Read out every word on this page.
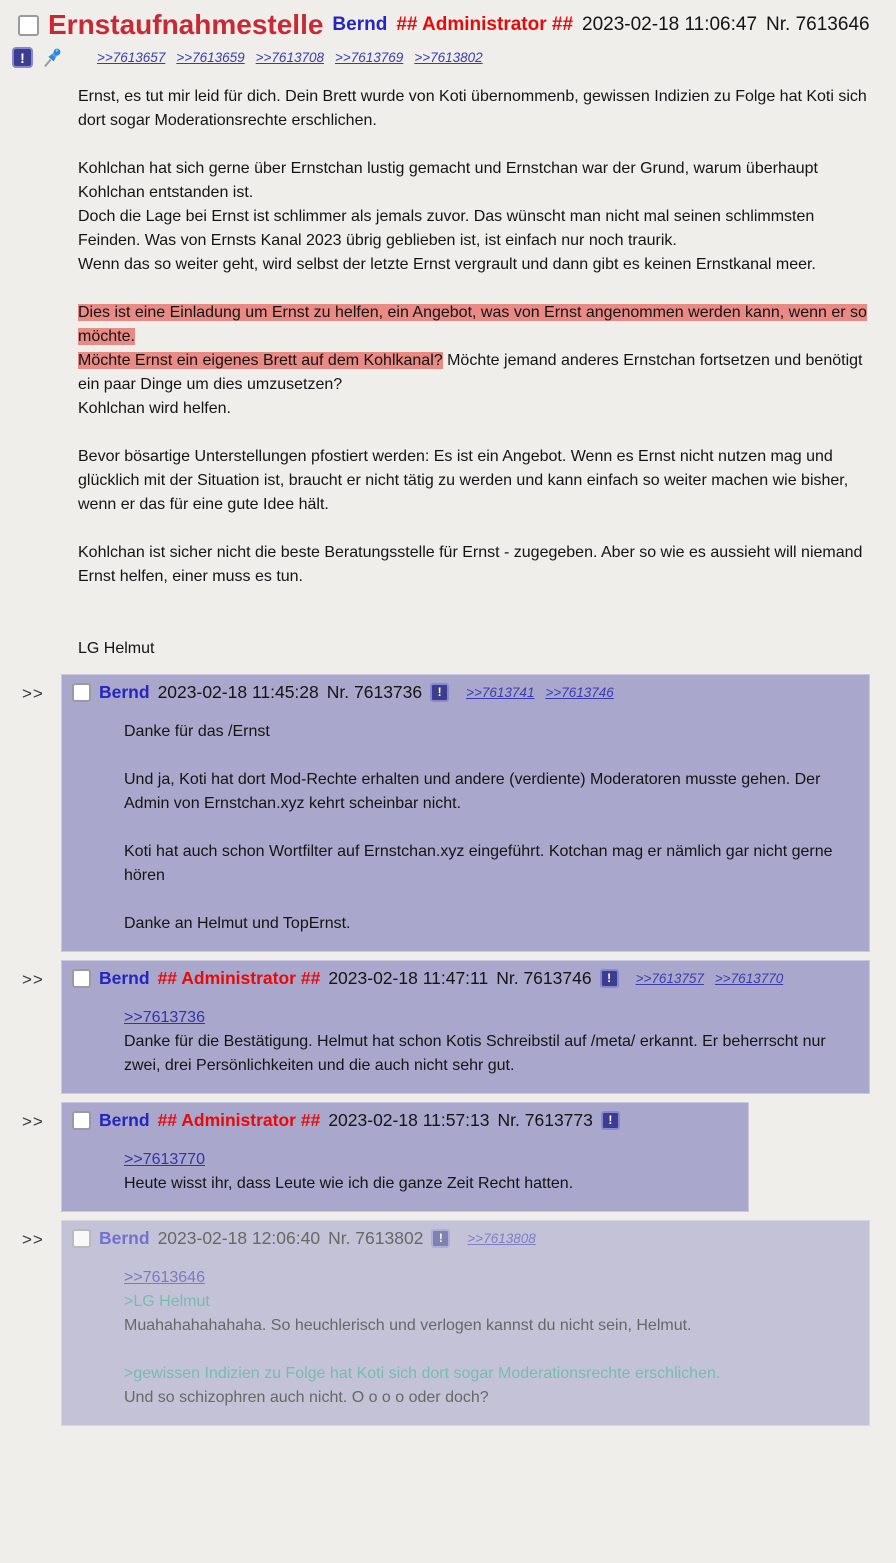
Ernstaufnahmestelle Bernd ## Administrator ## 2023-02-18 11:06:47 Nr. 7613646
!	>>7613657 >>7613659 >>7613708 >>7613769 >>7613802
Ernst, es tut mir leid für dich. Dein Brett wurde von Koti übernommenb, gewissen Indizien zu Folge hat Koti sich dort sogar Moderationsrechte erschlichen.

Kohlchan hat sich gerne über Ernstchan lustig gemacht und Ernstchan war der Grund, warum überhaupt Kohlchan entstanden ist.
Doch die Lage bei Ernst ist schlimmer als jemals zuvor. Das wünscht man nicht mal seinen schlimmsten Feinden. Was von Ernsts Kanal 2023 übrig geblieben ist, ist einfach nur noch traurik.
Wenn das so weiter geht, wird selbst der letzte Ernst vergrault und dann gibt es keinen Ernstkanal meer.

Dies ist eine Einladung um Ernst zu helfen, ein Angebot, was von Ernst angenommen werden kann, wenn er so möchte.
Möchte Ernst ein eigenes Brett auf dem Kohlkanal? Möchte jemand anderes Ernstchan fortsetzen und benötigt ein paar Dinge um dies umzusetzen?
Kohlchan wird helfen.

Bevor bösartige Unterstellungen pfostiert werden: Es ist ein Angebot. Wenn es Ernst nicht nutzen mag und glücklich mit der Situation ist, braucht er nicht tätig zu werden und kann einfach so weiter machen wie bisher, wenn er das für eine gute Idee hält.

Kohlchan ist sicher nicht die beste Beratungsstelle für Ernst - zugegeben. Aber so wie es aussieht will niemand Ernst helfen, einer muss es tun.

LG Helmut
>>	Bernd 2023-02-18 11:45:28 Nr. 7613736 ! >>7613741 >>7613746
Danke für das /Ernst

Und ja, Koti hat dort Mod-Rechte erhalten und andere (verdiente) Moderatoren musste gehen. Der Admin von Ernstchan.xyz kehrt scheinbar nicht.

Koti hat auch schon Wortfilter auf Ernstchan.xyz eingeführt. Kotchan mag er nämlich gar nicht gerne hören

Danke an Helmut und TopErnst.
>>	Bernd ## Administrator ## 2023-02-18 11:47:11 Nr. 7613746 ! >>7613757 >>7613770
>>7613736
Danke für die Bestätigung. Helmut hat schon Kotis Schreibstil auf /meta/ erkannt. Er beherrscht nur zwei, drei Persönlichkeiten und die auch nicht sehr gut.
>>	Bernd ## Administrator ## 2023-02-18 11:57:13 Nr. 7613773 !
>>7613770
Heute wisst ihr, dass Leute wie ich die ganze Zeit Recht hatten.
>>	Bernd 2023-02-18 12:06:40 Nr. 7613802 ! >>7613808
>>7613646
>LG Helmut
Muahahahahahaha. So heuchlerisch und verlogen kannst du nicht sein, Helmut.

>gewissen Indizien zu Folge hat Koti sich dort sogar Moderationsrechte erschlichen.
Und so schizophren auch nicht. O o o o oder doch?
